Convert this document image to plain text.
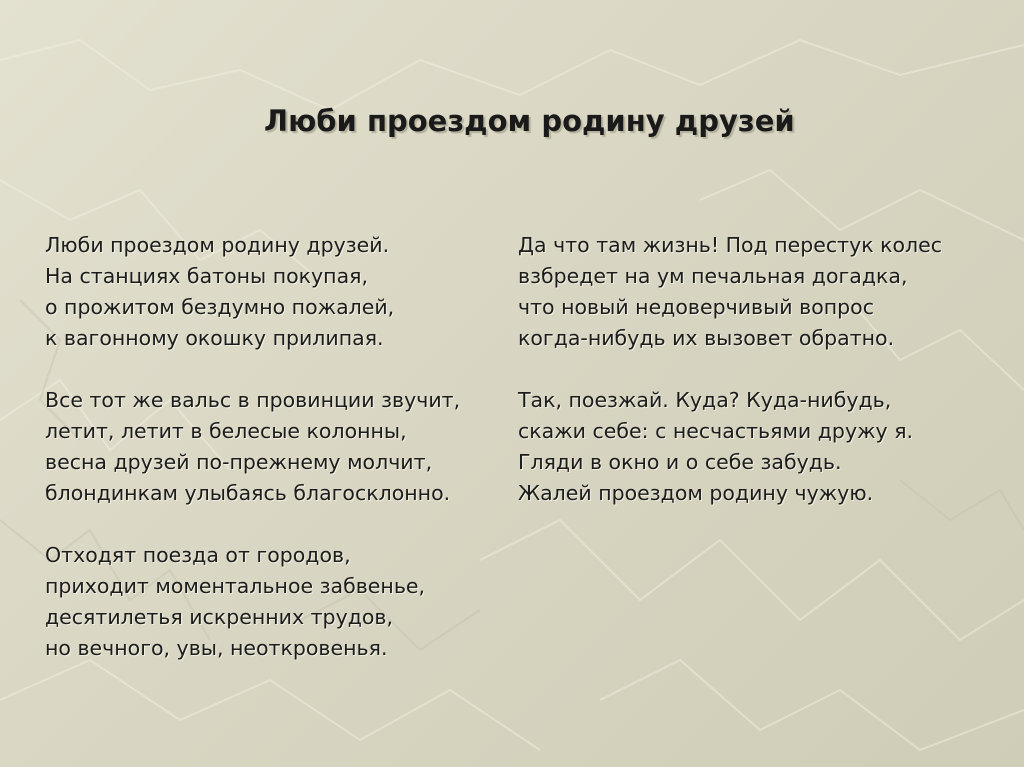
Люби проездом родину друзей

Люби проездом родину друзей.
На станциях батоны покупая,
о прожитом бездумно пожалей,
к вагонному окошку прилипая.

Все тот же вальс в провинции звучит,
летит, летит в белесые колонны,
весна друзей по-прежнему молчит,
блондинкам улыбаясь благосклонно.

Отходят поезда от городов,
приходит моментальное забвенье,
десятилетья искренних трудов,
но вечного, увы, неоткровенья.

Да что там жизнь! Под перестук колес
взбредет на ум печальная догадка,
что новый недоверчивый вопрос
когда-нибудь их вызовет обратно.

Так, поезжай. Куда? Куда-нибудь,
скажи себе: с несчастьями дружу я.
Гляди в окно и о себе забудь.
Жалей проездом родину чужую.
